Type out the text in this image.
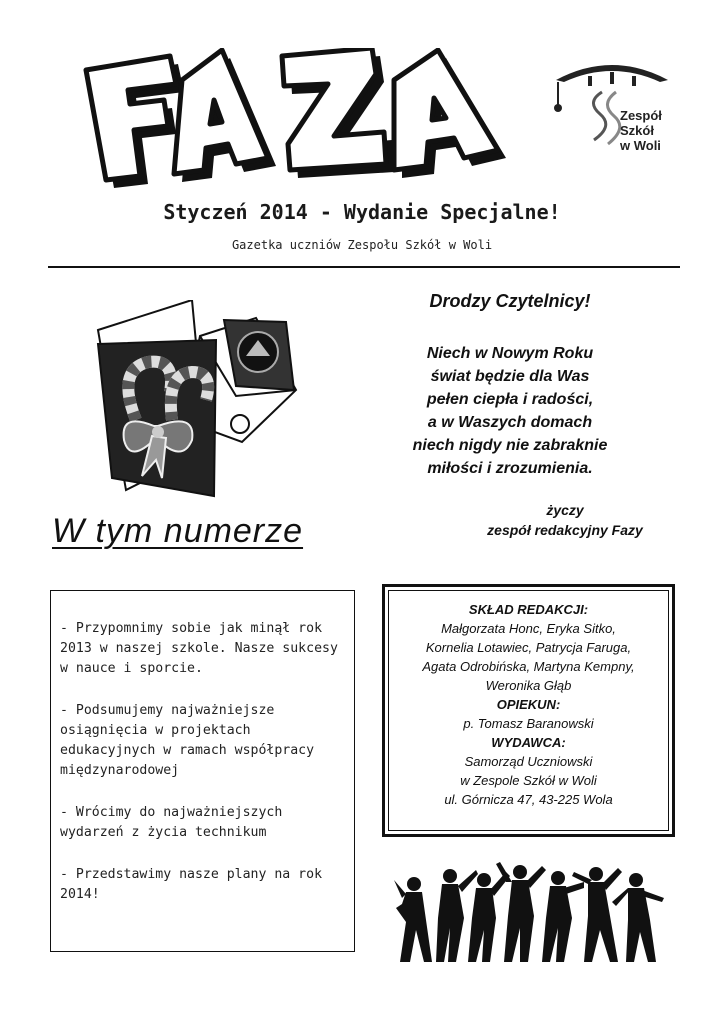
Zespół
Szkół
w Woli
Styczeń 2014 - Wydanie Specjalne!
Gazetka uczniów Zespołu Szkół w Woli
Drodzy Czytelnicy!
Niech w Nowym Roku
świat będzie dla Was
pełen ciepła i radości,
a w Waszych domach
niech nigdy nie zabraknie
miłości i zrozumienia.
życzy
zespół redakcyjny Fazy
W tym numerze

- Przypomnimy sobie jak minął rok 2013 w naszej szkole. Nasze sukcesy w nauce i sporcie.

- Podsumujemy najważniejsze osiągnięcia w projektach edukacyjnych w ramach współpracy międzynarodowej

- Wrócimy do najważniejszych wydarzeń z życia technikum

- Przedstawimy nasze plany na rok 2014!

SKŁAD REDAKCJI:
Małgorzata Honc, Eryka Sitko,
Kornelia Lotawiec, Patrycja Faruga,
Agata Odrobińska, Martyna Kempny,
Weronika Głąb
OPIEKUN:
p. Tomasz Baranowski
WYDAWCA:
Samorząd Uczniowski
w Zespole Szkół w Woli
ul. Górnicza 47, 43-225 Wola
